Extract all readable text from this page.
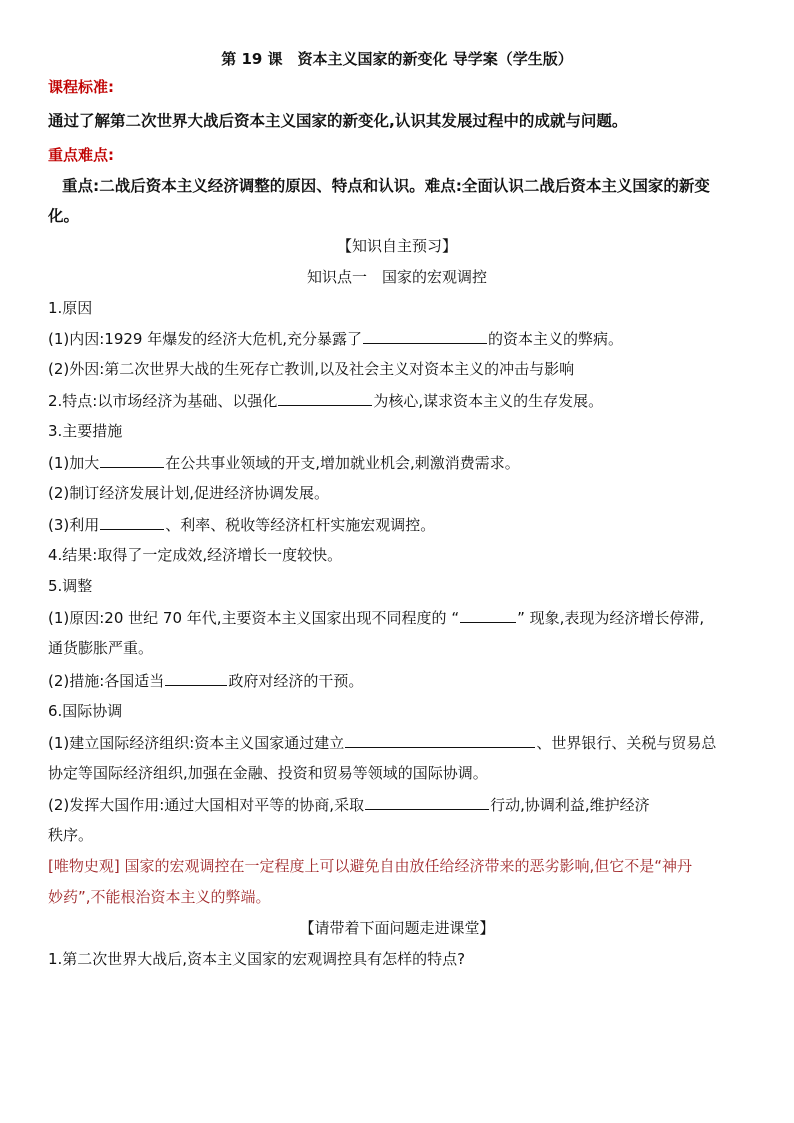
第 19 课　资本主义国家的新变化 导学案（学生版）
课程标准:
通过了解第二次世界大战后资本主义国家的新变化,认识其发展过程中的成就与问题。
重点难点:
重点:二战后资本主义经济调整的原因、特点和认识。难点:全面认识二战后资本主义国家的新变
化。
【知识自主预习】
知识点一　国家的宏观调控
1.原因
(1)内因:1929 年爆发的经济大危机,充分暴露了	的资本主义的弊病。
(2)外因:第二次世界大战的生死存亡教训,以及社会主义对资本主义的冲击与影响
2.特点:以市场经济为基础、以强化	为核心,谋求资本主义的生存发展。
3.主要措施
(1)加大	在公共事业领域的开支,增加就业机会,刺激消费需求。
(2)制订经济发展计划,促进经济协调发展。
(3)利用	、利率、税收等经济杠杆实施宏观调控。
4.结果:取得了一定成效,经济增长一度较快。
5.调整
(1)原因:20 世纪 70 年代,主要资本主义国家出现不同程度的 “	” 现象,表现为经济增长停滞,
通货膨胀严重。
(2)措施:各国适当	政府对经济的干预。
6.国际协调
(1)建立国际经济组织:资本主义国家通过建立	、世界银行、关税与贸易总
协定等国际经济组织,加强在金融、投资和贸易等领域的国际协调。
(2)发挥大国作用:通过大国相对平等的协商,采取	行动,协调利益,维护经济
秩序。
[唯物史观] 国家的宏观调控在一定程度上可以避免自由放任给经济带来的恶劣影响,但它不是“神丹
妙药”,不能根治资本主义的弊端。
【请带着下面问题走进课堂】
1.第二次世界大战后,资本主义国家的宏观调控具有怎样的特点?
